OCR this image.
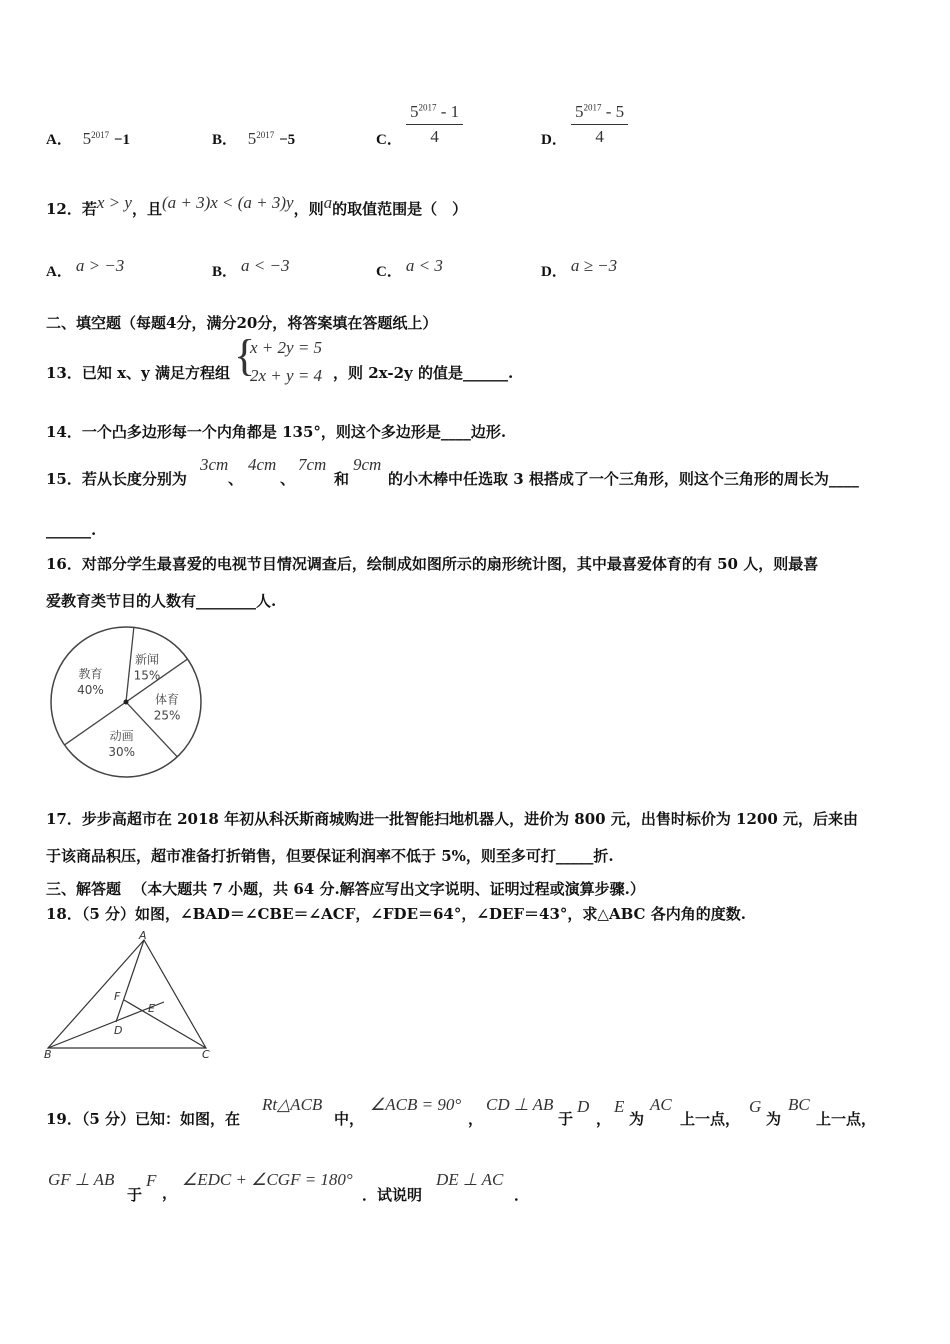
A． $5^{2017} -1$	B． $5^{2017} -5$	C．
$5^{2017} - 1$
4	D．
$5^{2017} - 5$
4
12．若x > y，且(a + 3)x < (a + 3)y，则a的取值范围是（　）
A． a > −3	B． a < −3	C． a < 3	D． a ≥ −3
二、填空题（每题4分，满分20分，将答案填在答题纸上）
13．已知 x、y 满足方程组 {
x + 2y = 5
2x + y = 4 ，则 2x-2y 的值是______.
14．一个凸多边形每一个内角都是 135°，则这个多边形是____边形.
15．若从长度分别为
3cm
、
4cm
、
7cm
和
9cm
的小木棒中任选取 3 根搭成了一个三角形，则这个三角形的周长为____
______.
16．对部分学生最喜爱的电视节目情况调查后，绘制成如图所示的扇形统计图，其中最喜爱体育的有 50 人，则最喜
爱教育类节目的人数有________人.
新闻
15%
体育
25%
动画
30%
教育
40%
17．步步高超市在 2018 年初从科沃斯商城购进一批智能扫地机器人，进价为 800 元，出售时标价为 1200 元，后来由
于该商品积压，超市准备打折销售，但要保证利润率不低于 5%，则至多可打_____折.
三、解答题 （本大题共 7 小题，共 64 分.解答应写出文字说明、证明过程或演算步骤.）
18．（5 分）如图，∠BAD＝∠CBE＝∠ACF，∠FDE＝64°，∠DEF＝43°，求△ABC 各内角的度数.
A
B	C
D
E
F
19．（5 分）已知：如图，在
Rt△ACB
中，
∠ACB = 90°
，
CD ⊥ AB
于
D
，
E
为
AC
上一点，
G
为
BC
上一点，
GF ⊥ AB
于
F
，
∠EDC + ∠CGF = 180°
．试说明
DE ⊥ AC
．
